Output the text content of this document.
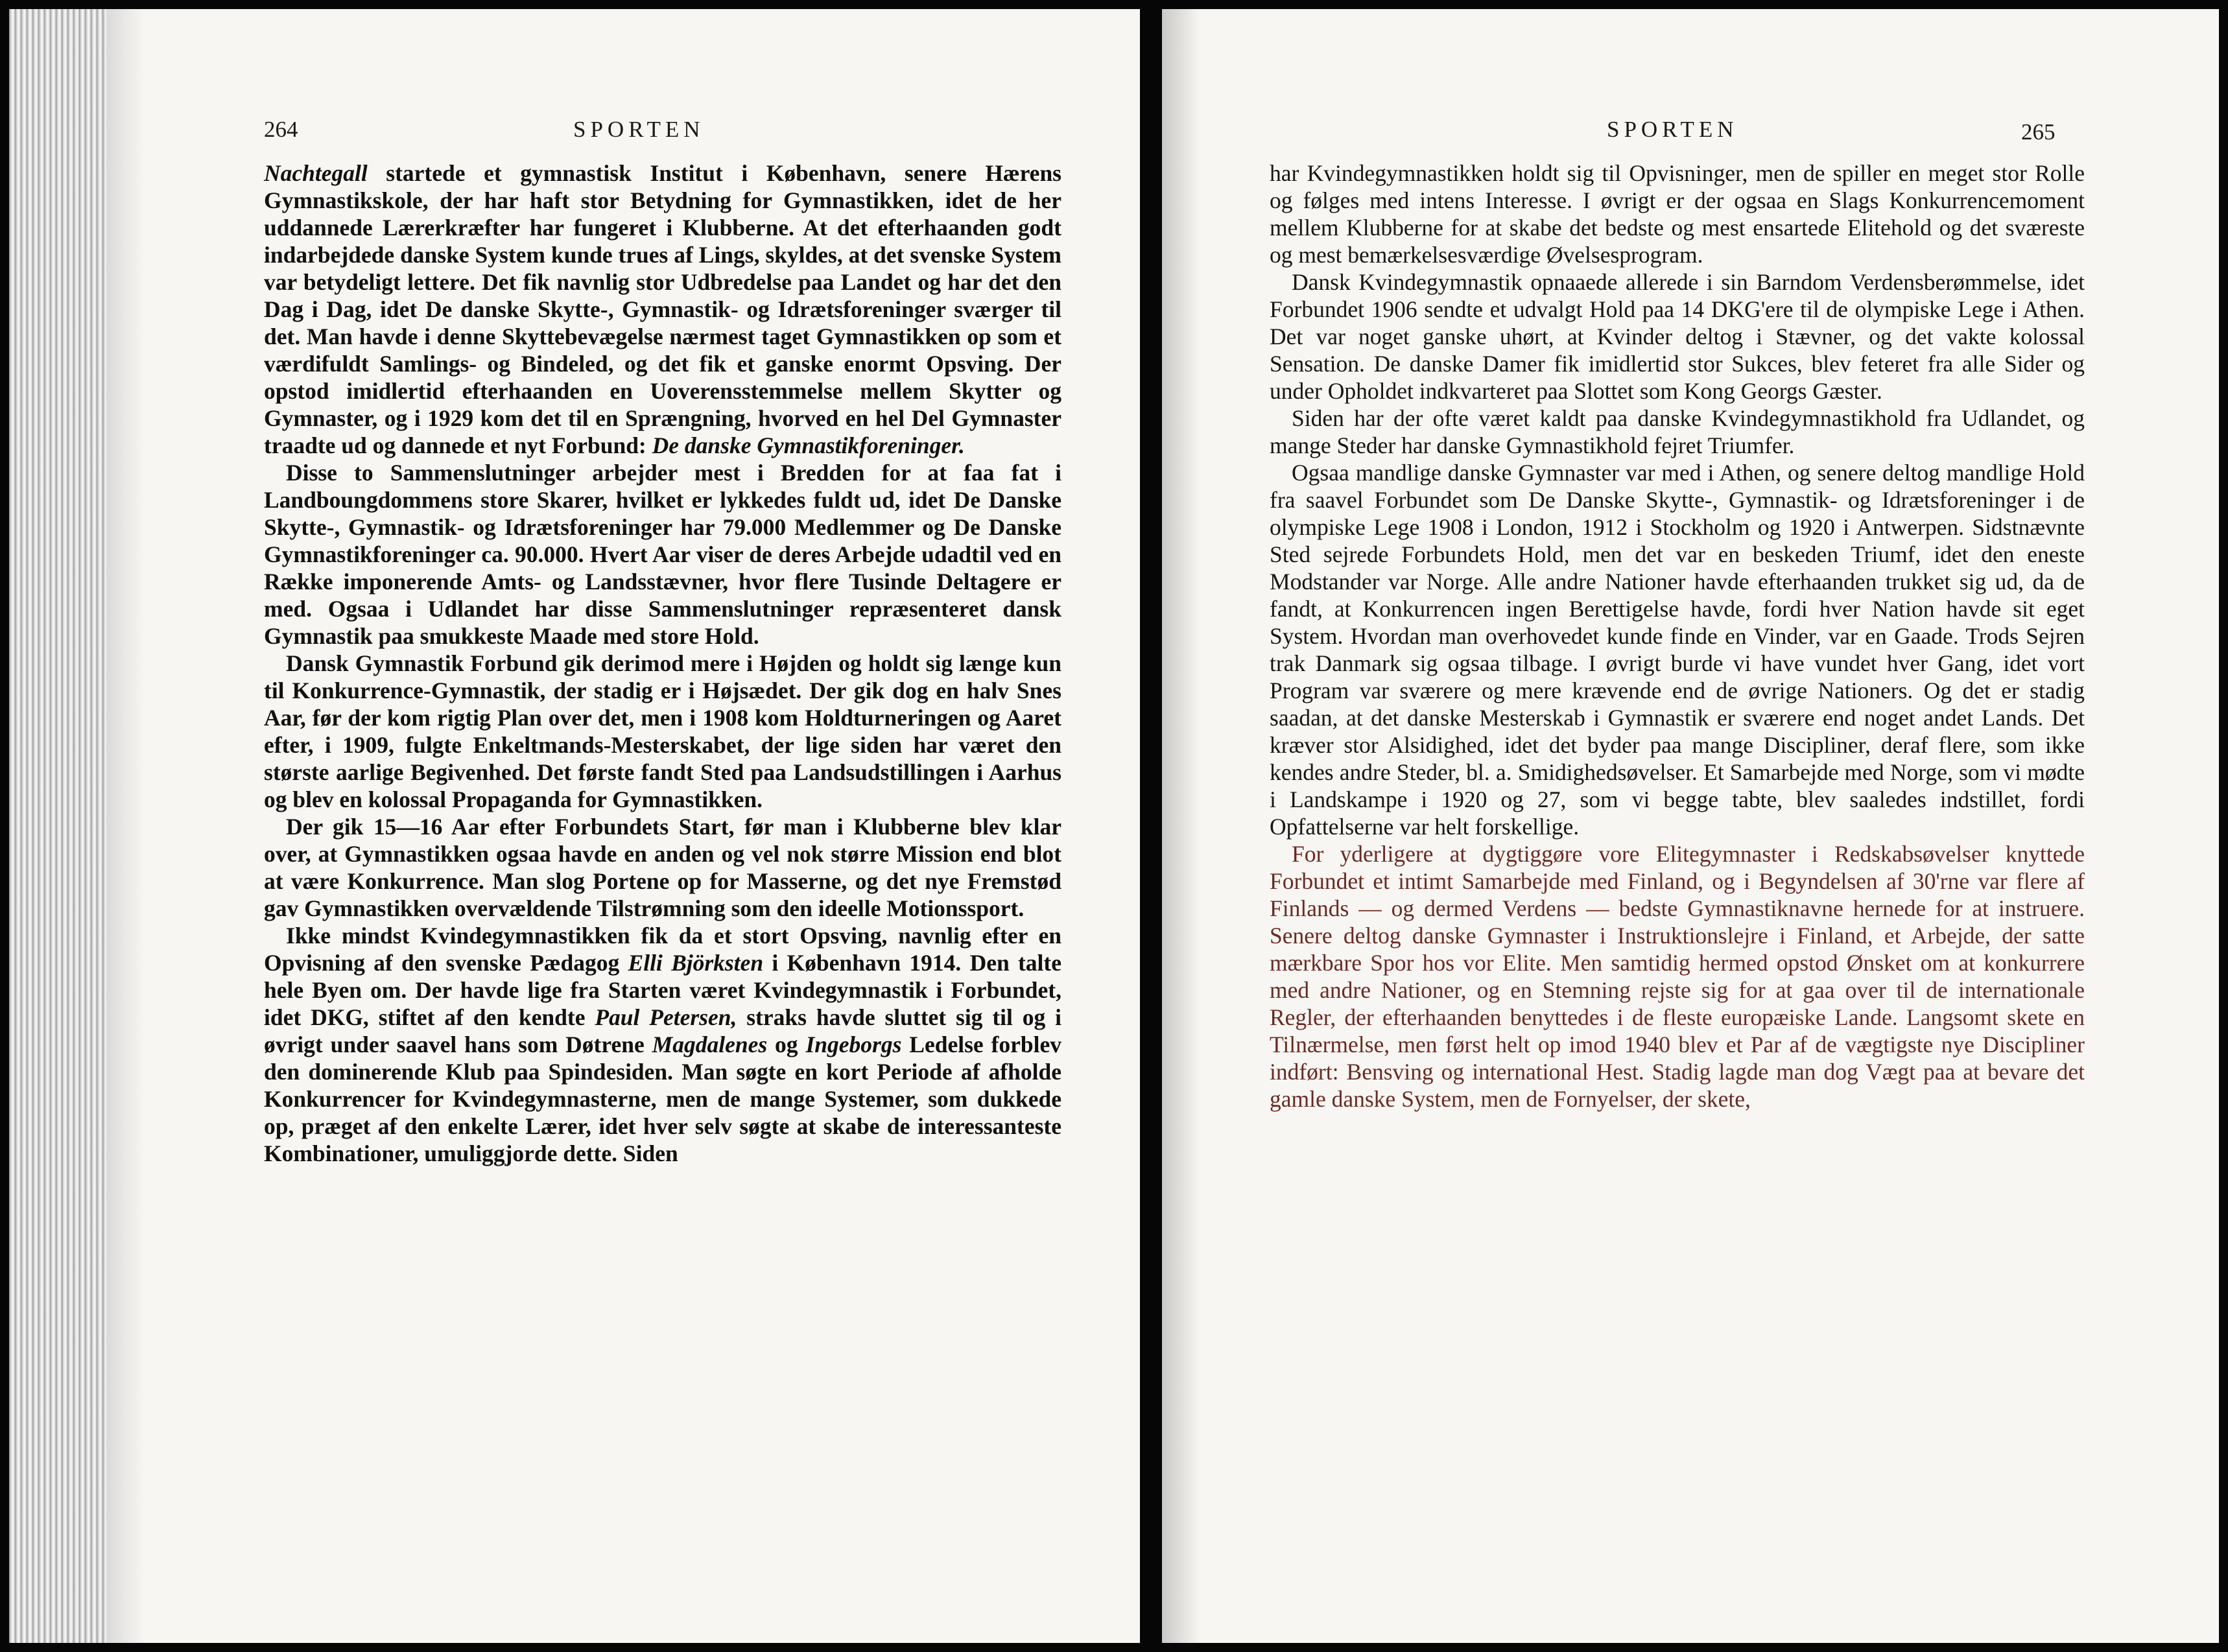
264	SPORTEN

Nachtegall startede et gymnastisk Institut i København, senere Hærens Gymnastikskole, der har haft stor Betydning for Gymnastikken, idet de her uddannede Lærerkræfter har fungeret i Klubberne. At det efterhaanden godt indarbejdede danske System kunde trues af Lings, skyldes, at det svenske System var betydeligt lettere. Det fik navnlig stor Udbredelse paa Landet og har det den Dag i Dag, idet De danske Skytte-, Gymnastik- og Idrætsforeninger sværger til det. Man havde i denne Skyttebevægelse nærmest taget Gymnastikken op som et værdifuldt Samlings- og Bindeled, og det fik et ganske enormt Opsving. Der opstod imidlertid efterhaanden en Uoverensstemmelse mellem Skytter og Gymnaster, og i 1929 kom det til en Sprængning, hvorved en hel Del Gymnaster traadte ud og dannede et nyt Forbund: De danske Gymnastikforeninger.

Disse to Sammenslutninger arbejder mest i Bredden for at faa fat i Landboungdommens store Skarer, hvilket er lykkedes fuldt ud, idet De Danske Skytte-, Gymnastik- og Idrætsforeninger har 79.000 Medlemmer og De Danske Gymnastikforeninger ca. 90.000. Hvert Aar viser de deres Arbejde udadtil ved en Række imponerende Amts- og Landsstævner, hvor flere Tusinde Deltagere er med. Ogsaa i Udlandet har disse Sammenslutninger repræsenteret dansk Gymnastik paa smukkeste Maade med store Hold.

Dansk Gymnastik Forbund gik derimod mere i Højden og holdt sig længe kun til Konkurrence-Gymnastik, der stadig er i Højsædet. Der gik dog en halv Snes Aar, før der kom rigtig Plan over det, men i 1908 kom Holdturneringen og Aaret efter, i 1909, fulgte Enkeltmands-Mesterskabet, der lige siden har været den største aarlige Begivenhed. Det første fandt Sted paa Landsudstillingen i Aarhus og blev en kolossal Propaganda for Gymnastikken.

Der gik 15—16 Aar efter Forbundets Start, før man i Klubberne blev klar over, at Gymnastikken ogsaa havde en anden og vel nok større Mission end blot at være Konkurrence. Man slog Portene op for Masserne, og det nye Fremstød gav Gymnastikken overvældende Tilstrømning som den ideelle Motionssport.

Ikke mindst Kvindegymnastikken fik da et stort Opsving, navnlig efter en Opvisning af den svenske Pædagog Elli Björksten i København 1914. Den talte hele Byen om. Der havde lige fra Starten været Kvindegymnastik i Forbundet, idet DKG, stiftet af den kendte Paul Petersen, straks havde sluttet sig til og i øvrigt under saavel hans som Døtrene Magdalenes og Ingeborgs Ledelse forblev den dominerende Klub paa Spindesiden. Man søgte en kort Periode af afholde Konkurrencer for Kvindegymnasterne, men de mange Systemer, som dukkede op, præget af den enkelte Lærer, idet hver selv søgte at skabe de interessanteste Kombinationer, umuliggjorde dette. Siden

SPORTEN	265

har Kvindegymnastikken holdt sig til Opvisninger, men de spiller en meget stor Rolle og følges med intens Interesse. I øvrigt er der ogsaa en Slags Konkurrencemoment mellem Klubberne for at skabe det bedste og mest ensartede Elitehold og det sværeste og mest bemærkelsesværdige Øvelsesprogram.

Dansk Kvindegymnastik opnaaede allerede i sin Barndom Verdensberømmelse, idet Forbundet 1906 sendte et udvalgt Hold paa 14 DKG'ere til de olympiske Lege i Athen. Det var noget ganske uhørt, at Kvinder deltog i Stævner, og det vakte kolossal Sensation. De danske Damer fik imidlertid stor Sukces, blev feteret fra alle Sider og under Opholdet indkvarteret paa Slottet som Kong Georgs Gæster.

Siden har der ofte været kaldt paa danske Kvindegymnastikhold fra Udlandet, og mange Steder har danske Gymnastikhold fejret Triumfer.

Ogsaa mandlige danske Gymnaster var med i Athen, og senere deltog mandlige Hold fra saavel Forbundet som De Danske Skytte-, Gymnastik- og Idrætsforeninger i de olympiske Lege 1908 i London, 1912 i Stockholm og 1920 i Antwerpen. Sidstnævnte Sted sejrede Forbundets Hold, men det var en beskeden Triumf, idet den eneste Modstander var Norge. Alle andre Nationer havde efterhaanden trukket sig ud, da de fandt, at Konkurrencen ingen Berettigelse havde, fordi hver Nation havde sit eget System. Hvordan man overhovedet kunde finde en Vinder, var en Gaade. Trods Sejren trak Danmark sig ogsaa tilbage. I øvrigt burde vi have vundet hver Gang, idet vort Program var sværere og mere krævende end de øvrige Nationers. Og det er stadig saadan, at det danske Mesterskab i Gymnastik er sværere end noget andet Lands. Det kræver stor Alsidighed, idet det byder paa mange Discipliner, deraf flere, som ikke kendes andre Steder, bl. a. Smidighedsøvelser. Et Samarbejde med Norge, som vi mødte i Landskampe i 1920 og 27, som vi begge tabte, blev saaledes indstillet, fordi Opfattelserne var helt forskellige.

For yderligere at dygtiggøre vore Elitegymnaster i Redskabsøvelser knyttede Forbundet et intimt Samarbejde med Finland, og i Begyndelsen af 30'rne var flere af Finlands — og dermed Verdens — bedste Gymnastiknavne hernede for at instruere. Senere deltog danske Gymnaster i Instruktionslejre i Finland, et Arbejde, der satte mærkbare Spor hos vor Elite. Men samtidig hermed opstod Ønsket om at konkurrere med andre Nationer, og en Stemning rejste sig for at gaa over til de internationale Regler, der efterhaanden benyttedes i de fleste europæiske Lande. Langsomt skete en Tilnærmelse, men først helt op imod 1940 blev et Par af de vægtigste nye Discipliner indført: Bensving og international Hest. Stadig lagde man dog Vægt paa at bevare det gamle danske System, men de Fornyelser, der skete,
